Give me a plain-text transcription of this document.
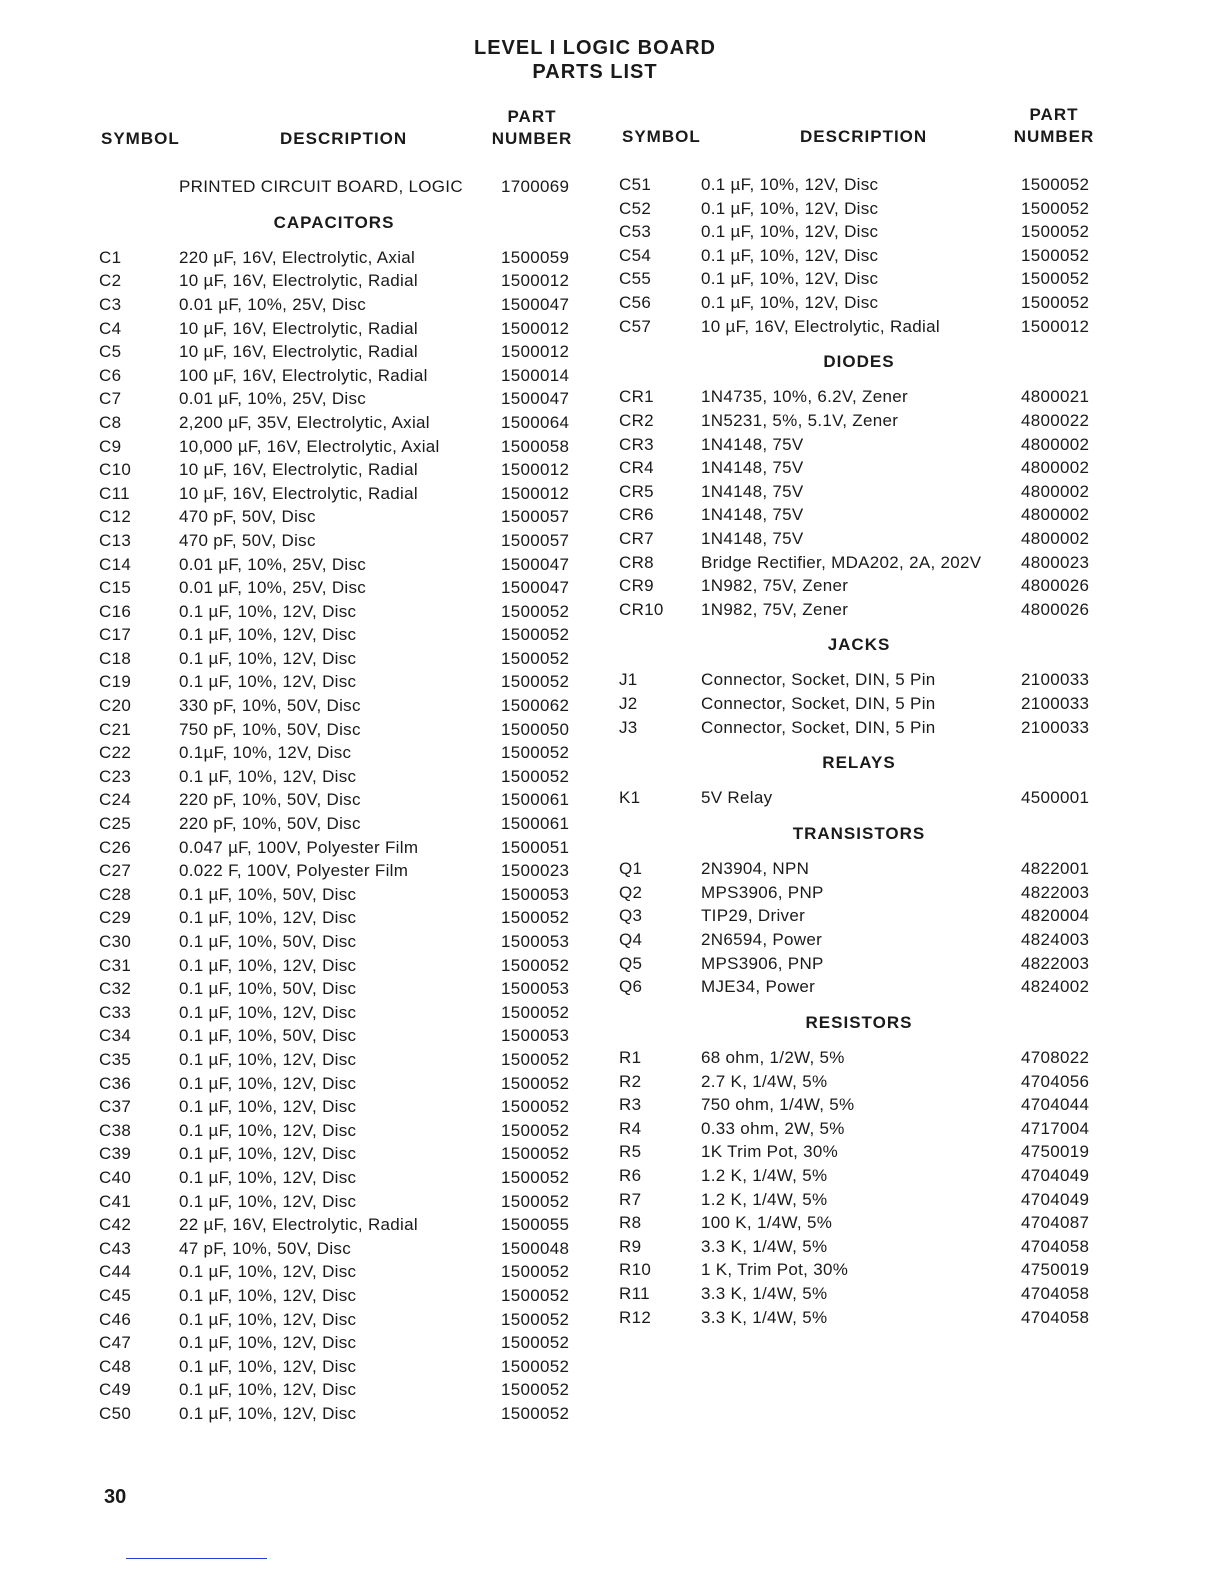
LEVEL I LOGIC BOARD
PARTS LIST
SYMBOL	DESCRIPTION
PART
NUMBER	SYMBOL	DESCRIPTION
PART
NUMBER
PRINTED CIRCUIT BOARD, LOGIC 1700069
CAPACITORS
C1	220 µF, 16V, Electrolytic, Axial	1500059
C2	10 µF, 16V, Electrolytic, Radial	1500012
C3	0.01 µF, 10%, 25V, Disc	1500047
C4	10 µF, 16V, Electrolytic, Radial	1500012
C5	10 µF, 16V, Electrolytic, Radial	1500012
C6	100 µF, 16V, Electrolytic, Radial	1500014
C7	0.01 µF, 10%, 25V, Disc	1500047
C8	2,200 µF, 35V, Electrolytic, Axial	1500064
C9	10,000 µF, 16V, Electrolytic, Axial	1500058
C10	10 µF, 16V, Electrolytic, Radial	1500012
C11	10 µF, 16V, Electrolytic, Radial	1500012
C12	470 pF, 50V, Disc	1500057
C13	470 pF, 50V, Disc	1500057
C14	0.01 µF, 10%, 25V, Disc	1500047
C15	0.01 µF, 10%, 25V, Disc	1500047
C16	0.1 µF, 10%, 12V, Disc	1500052
C17	0.1 µF, 10%, 12V, Disc	1500052
C18	0.1 µF, 10%, 12V, Disc	1500052
C19	0.1 µF, 10%, 12V, Disc	1500052
C20	330 pF, 10%, 50V, Disc	1500062
C21	750 pF, 10%, 50V, Disc	1500050
C22	0.1µF, 10%, 12V, Disc	1500052
C23	0.1 µF, 10%, 12V, Disc	1500052
C24	220 pF, 10%, 50V, Disc	1500061
C25	220 pF, 10%, 50V, Disc	1500061
C26	0.047 µF, 100V, Polyester Film	1500051
C27	0.022 F, 100V, Polyester Film	1500023
C28	0.1 µF, 10%, 50V, Disc	1500053
C29	0.1 µF, 10%, 12V, Disc	1500052
C30	0.1 µF, 10%, 50V, Disc	1500053
C31	0.1 µF, 10%, 12V, Disc	1500052
C32	0.1 µF, 10%, 50V, Disc	1500053
C33	0.1 µF, 10%, 12V, Disc	1500052
C34	0.1 µF, 10%, 50V, Disc	1500053
C35	0.1 µF, 10%, 12V, Disc	1500052
C36	0.1 µF, 10%, 12V, Disc	1500052
C37	0.1 µF, 10%, 12V, Disc	1500052
C38	0.1 µF, 10%, 12V, Disc	1500052
C39	0.1 µF, 10%, 12V, Disc	1500052
C40	0.1 µF, 10%, 12V, Disc	1500052
C41	0.1 µF, 10%, 12V, Disc	1500052
C42	22 µF, 16V, Electrolytic, Radial	1500055
C43	47 pF, 10%, 50V, Disc	1500048
C44	0.1 µF, 10%, 12V, Disc	1500052
C45	0.1 µF, 10%, 12V, Disc	1500052
C46	0.1 µF, 10%, 12V, Disc	1500052
C47	0.1 µF, 10%, 12V, Disc	1500052
C48	0.1 µF, 10%, 12V, Disc	1500052
C49	0.1 µF, 10%, 12V, Disc	1500052
C50	0.1 µF, 10%, 12V, Disc	1500052
C51	0.1 µF, 10%, 12V, Disc	1500052
C52	0.1 µF, 10%, 12V, Disc	1500052
C53	0.1 µF, 10%, 12V, Disc	1500052
C54	0.1 µF, 10%, 12V, Disc	1500052
C55	0.1 µF, 10%, 12V, Disc	1500052
C56	0.1 µF, 10%, 12V, Disc	1500052
C57	10 µF, 16V, Electrolytic, Radial	1500012
DIODES
CR1	1N4735, 10%, 6.2V, Zener	4800021
CR2	1N5231, 5%, 5.1V, Zener	4800022
CR3	1N4148, 75V	4800002
CR4	1N4148, 75V	4800002
CR5	1N4148, 75V	4800002
CR6	1N4148, 75V	4800002
CR7	1N4148, 75V	4800002
CR8	Bridge Rectifier, MDA202, 2A, 202V 4800023
CR9	1N982, 75V, Zener	4800026
CR10 1N982, 75V, Zener	4800026
JACKS
J1	Connector, Socket, DIN, 5 Pin	2100033
J2	Connector, Socket, DIN, 5 Pin	2100033
J3	Connector, Socket, DIN, 5 Pin	2100033
RELAYS
K1	5V Relay	4500001
TRANSISTORS
Q1	2N3904, NPN	4822001
Q2	MPS3906, PNP	4822003
Q3	TIP29, Driver	4820004
Q4	2N6594, Power	4824003
Q5	MPS3906, PNP	4822003
Q6	MJE34, Power	4824002
RESISTORS
R1	68 ohm, 1/2W, 5%	4708022
R2	2.7 K, 1/4W, 5%	4704056
R3	750 ohm, 1/4W, 5%	4704044
R4	0.33 ohm, 2W, 5%	4717004
R5	1K Trim Pot, 30%	4750019
R6	1.2 K, 1/4W, 5%	4704049
R7	1.2 K, 1/4W, 5%	4704049
R8	100 K, 1/4W, 5%	4704087
R9	3.3 K, 1/4W, 5%	4704058
R10	1 K, Trim Pot, 30%	4750019
R11	3.3 K, 1/4W, 5%	4704058
R12	3.3 K, 1/4W, 5%	4704058
30
